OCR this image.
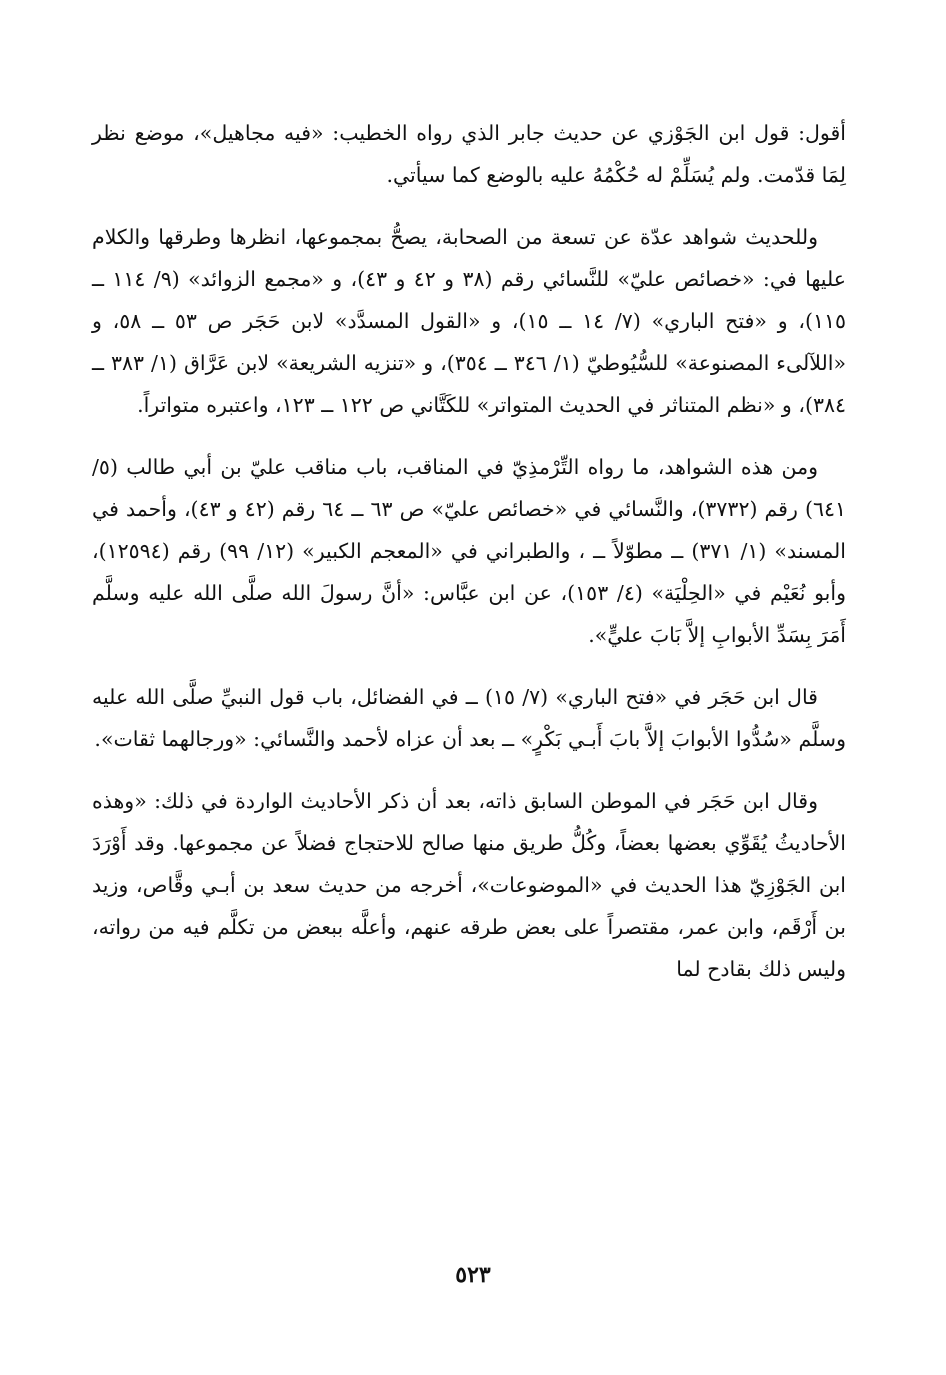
أقول: قول ابن الجَوْزي عن حديث جابر الذي رواه الخطيب: «فيه مجاهيل»، موضع نظر لِمَا قدّمت. ولم يُسَلِّمْ له حُكْمُهُ عليه بالوضع كما سيأتي.

وللحديث شواهد عدّة عن تسعة من الصحابة، يصحُّ بمجموعها، انظرها وطرقها والكلام عليها في: «خصائص عليّ» للنَّسائي رقم (٣٨ و ٤٢ و ٤٣)، و «مجمع الزوائد» (٩/ ١١٤ ــ ١١٥)، و «فتح الباري» (٧/ ١٤ ــ ١٥)، و «القول المسدَّد» لابن حَجَر ص ٥٣ ــ ٥٨، و «اللآلىء المصنوعة» للسُّيُوطيّ (١/ ٣٤٦ ــ ٣٥٤)، و «تنزيه الشريعة» لابن عَرَّاق (١/ ٣٨٣ ــ ٣٨٤)، و «نظم المتناثر في الحديث المتواتر» للكَتَّاني ص ١٢٢ ــ ١٢٣، واعتبره متواتراً.

ومن هذه الشواهد، ما رواه التِّرْمذِيّ في المناقب، باب مناقب عليّ بن أبي طالب (٥/ ٦٤١) رقم (٣٧٣٢)، والنَّسائي في «خصائص عليّ» ص ٦٣ ــ ٦٤ رقم (٤٢ و ٤٣)، وأحمد في المسند» (١/ ٣٧١) ــ مطوّلاً ــ ، والطبراني في «المعجم الكبير» (١٢/ ٩٩) رقم (١٢٥٩٤)، وأبو نُعَيْم في «الحِلْيَة» (٤/ ١٥٣)، عن ابن عبَّاس: «أنَّ رسولَ الله صلَّى الله عليه وسلَّم أَمَرَ بِسَدِّ الأبوابِ إلاَّ بَابَ عليٍّ».

قال ابن حَجَر في «فتح الباري» (٧/ ١٥) ــ في الفضائل، باب قول النبيِّ صلَّى الله عليه وسلَّم «سُدُّوا الأبوابَ إلاَّ بابَ أَبـي بَكْرٍ» ــ بعد أن عزاه لأحمد والنَّسائي: «ورجالهما ثقات».

وقال ابن حَجَر في الموطن السابق ذاته، بعد أن ذكر الأحاديث الواردة في ذلك: «وهذه الأحاديثُ يُقَوِّي بعضها بعضاً، وكُلُّ طريق منها صالح للاحتجاج فضلاً عن مجموعها. وقد أَوْرَدَ ابن الجَوْزِيّ هذا الحديث في «الموضوعات»، أخرجه من حديث سعد بن أبـي وقَّاص، وزيد بن أَرْقَم، وابن عمر، مقتصراً على بعض طرقه عنهم، وأعلَّه ببعض من تكلَّم فيه من رواته، وليس ذلك بقادح لما

٥٢٣
